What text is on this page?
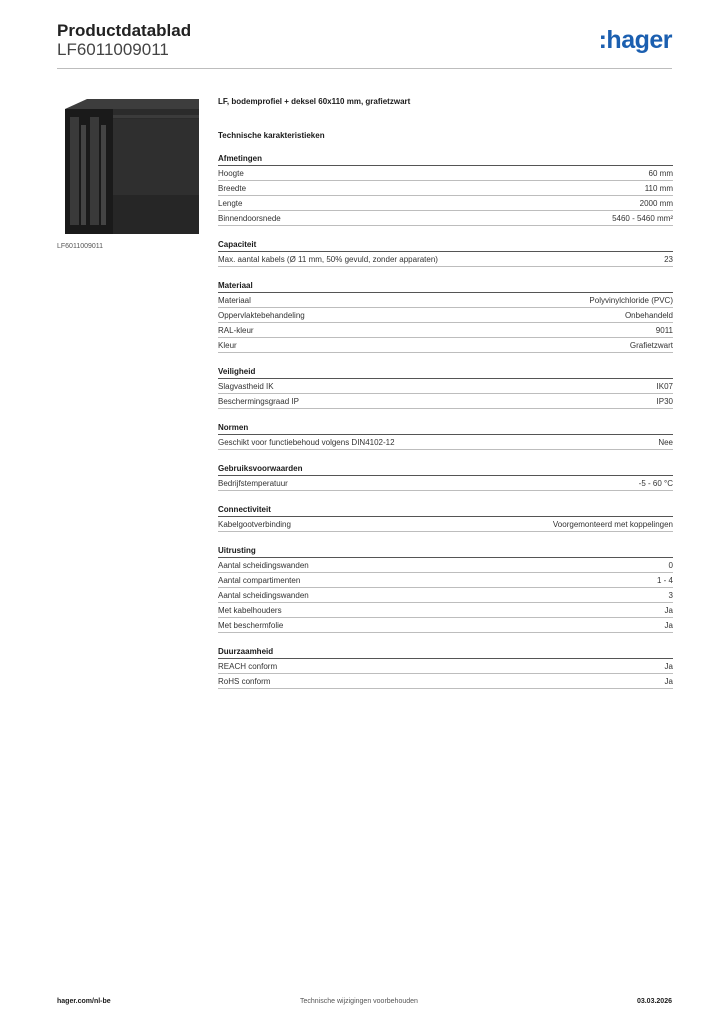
Productdatablad
LF6011009011	:hager
LF6011009011
LF, bodemprofiel + deksel 60x110 mm, grafietzwart
Technische karakteristieken
Afmetingen
Hoogte	60 mm
Breedte	110 mm
Lengte	2000 mm
Binnendoorsnede	5460 - 5460 mm²
Capaciteit
Max. aantal kabels (Ø 11 mm, 50% gevuld, zonder apparaten)	23
Materiaal
Materiaal	Polyvinylchloride (PVC)
Oppervlaktebehandeling	Onbehandeld
RAL-kleur	9011
Kleur	Grafietzwart
Veiligheid
Slagvastheid IK	IK07
Beschermingsgraad IP	IP30
Normen
Geschikt voor functiebehoud volgens DIN4102-12	Nee
Gebruiksvoorwaarden
Bedrijfstemperatuur	-5 - 60 °C
Connectiviteit
Kabelgootverbinding	Voorgemonteerd met koppelingen
Uitrusting
Aantal scheidingswanden	0
Aantal compartimenten	1 - 4
Aantal scheidingswanden	3
Met kabelhouders	Ja
Met beschermfolie	Ja
Duurzaamheid
REACH conform	Ja
RoHS conform	Ja
hager.com/nl-be	Technische wijzigingen voorbehouden	03.03.2026
